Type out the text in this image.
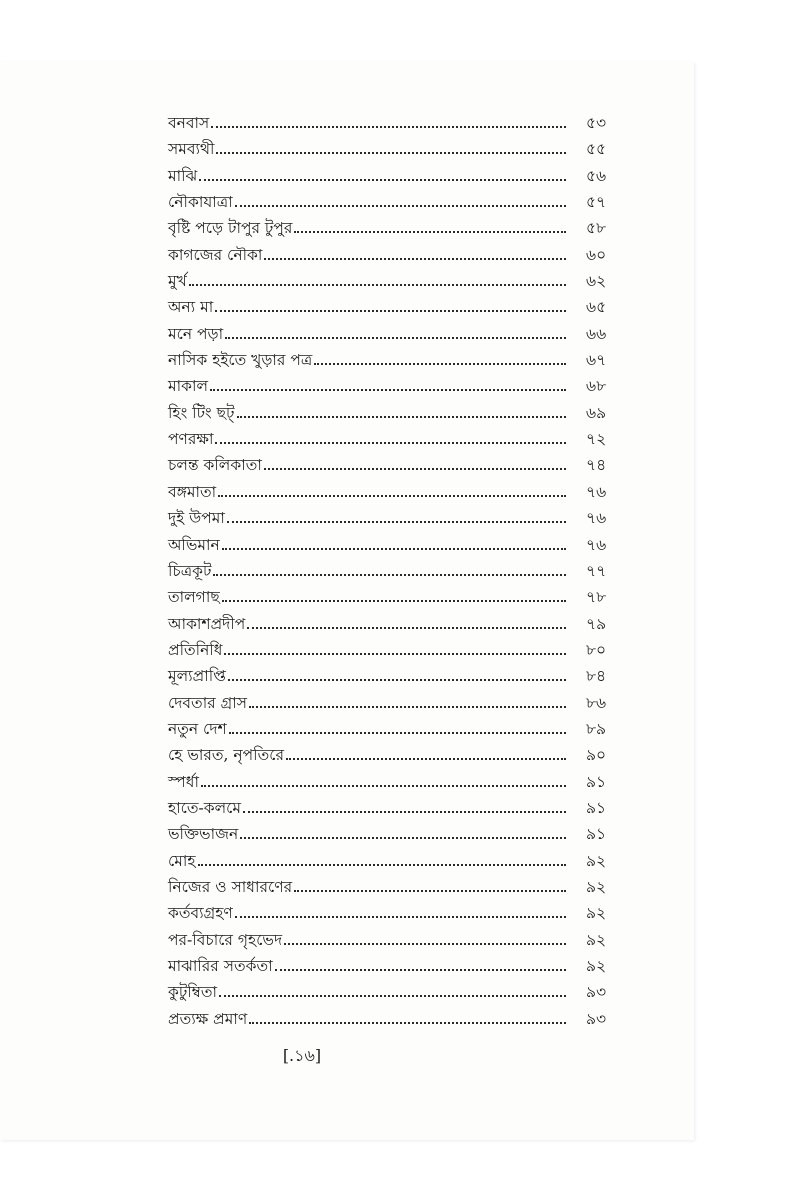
বনবাস	৫৩
সমব্যথী	৫৫
মাঝি	৫৬
নৌকাযাত্রা	৫৭
বৃষ্টি পড়ে টাপুর টুপুর	৫৮
কাগজের নৌকা	৬০
মুর্খ	৬২
অন্য মা	৬৫
মনে পড়া	৬৬
নাসিক হইতে খুড়ার পত্র	৬৭
মাকাল	৬৮
হিং টিং ছট্	৬৯
পণরক্ষা	৭২
চলন্ত কলিকাতা	৭৪
বঙ্গমাতা	৭৬
দুই উপমা	৭৬
অভিমান	৭৬
চিত্রকূট	৭৭
তালগাছ	৭৮
আকাশপ্রদীপ	৭৯
প্রতিনিধি	৮০
মূল্যপ্রাপ্তি	৮৪
দেবতার গ্রাস	৮৬
নতুন দেশ	৮৯
হে ভারত, নৃপতিরে	৯০
স্পর্ধা	৯১
হাতে-কলমে	৯১
ভক্তিভাজন	৯১
মোহ	৯২
নিজের ও সাধারণের	৯২
কর্তব্যগ্রহণ	৯২
পর-বিচারে গৃহভেদ	৯২
মাঝারির সতর্কতা	৯২
কুটুম্বিতা	৯৩
প্রত্যক্ষ প্রমাণ	৯৩
[.১৬]
